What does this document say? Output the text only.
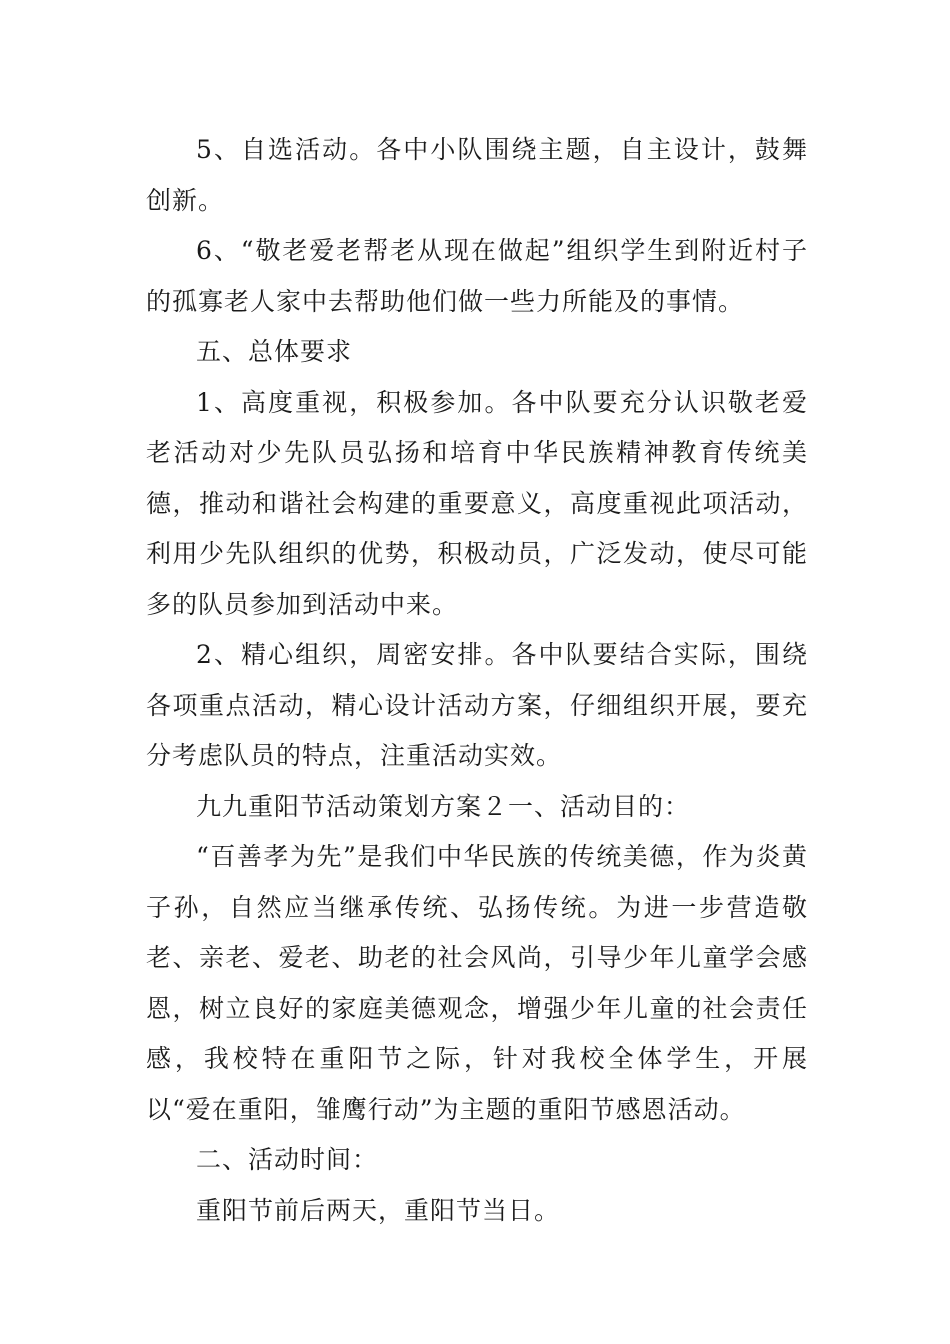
5、自选活动。各中小队围绕主题，自主设计，鼓舞创新。

6、“敬老爱老帮老从现在做起”组织学生到附近村子的孤寡老人家中去帮助他们做一些力所能及的事情。

五、总体要求

1、高度重视，积极参加。各中队要充分认识敬老爱老活动对少先队员弘扬和培育中华民族精神教育传统美德，推动和谐社会构建的重要意义，高度重视此项活动，利用少先队组织的优势，积极动员，广泛发动，使尽可能多的队员参加到活动中来。

2、精心组织，周密安排。各中队要结合实际，围绕各项重点活动，精心设计活动方案，仔细组织开展，要充分考虑队员的特点，注重活动实效。

九九重阳节活动策划方案２一、活动目的：

“百善孝为先”是我们中华民族的传统美德，作为炎黄子孙，自然应当继承传统、弘扬传统。为进一步营造敬老、亲老、爱老、助老的社会风尚，引导少年儿童学会感恩，树立良好的家庭美德观念，增强少年儿童的社会责任感，我校特在重阳节之际，针对我校全体学生，开展以“爱在重阳，雏鹰行动”为主题的重阳节感恩活动。

二、活动时间：

重阳节前后两天，重阳节当日。
